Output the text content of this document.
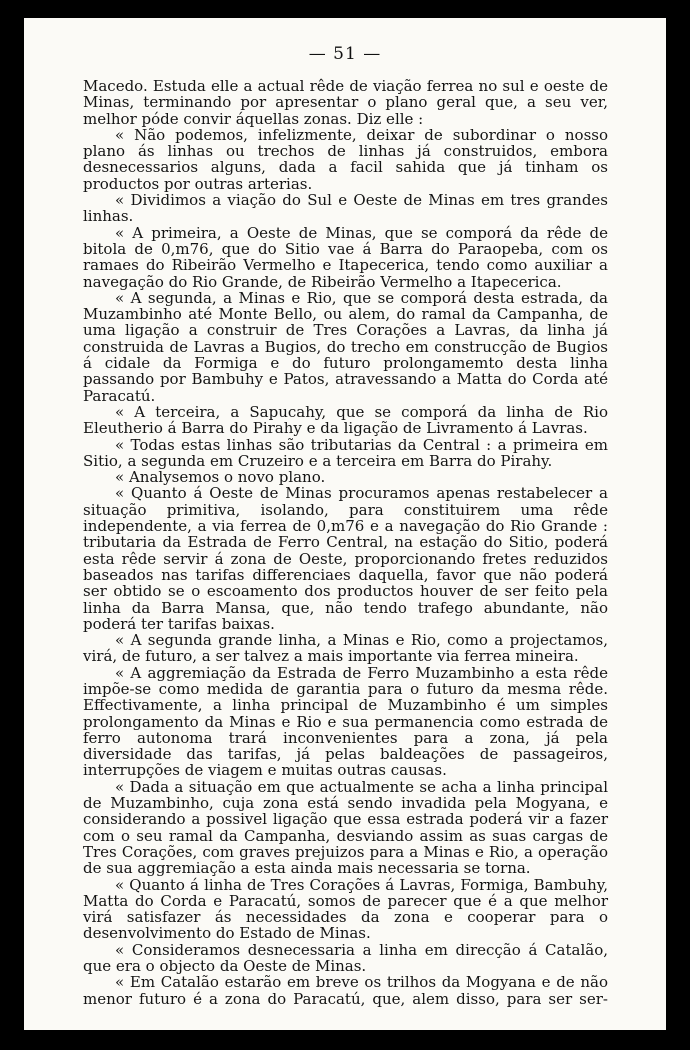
— 51 —

Macedo. Estuda elle a actual rêde de viação ferrea no sul e oeste de Minas, terminando por apresentar o plano geral que, a seu ver, melhor póde convir áquellas zonas. Diz elle :

« Não podemos, infelizmente, deixar de subordinar o nosso plano ás linhas ou trechos de linhas já construidos, embora desnecessarios alguns, dada a facil sahida que já tinham os productos por outras arterias.

« Dividimos a viação do Sul e Oeste de Minas em tres grandes linhas.

« A primeira, a Oeste de Minas, que se comporá da rêde de bitola de 0,m76, que do Sitio vae á Barra do Paraopeba, com os ramaes do Ribeirão Vermelho e Itapecerica, tendo como auxiliar a navegação do Rio Grande, de Ribeirão Vermelho a Itapecerica.

« A segunda, a Minas e Rio, que se comporá desta estrada, da Muzambinho até Monte Bello, ou alem, do ramal da Campanha, de uma ligação a construir de Tres Corações a Lavras, da linha já construida de Lavras a Bugios, do trecho em construcção de Bugios á cidale da Formiga e do futuro prolongamemto desta linha passando por Bambuhy e Patos, atravessando a Matta do Corda até Paracatú.

« A terceira, a Sapucahy, que se comporá da linha de Rio Eleutherio á Barra do Pirahy e da ligação de Livramento á Lavras.

« Todas estas linhas são tributarias da Central : a primeira em Sitio, a segunda em Cruzeiro e a terceira em Barra do Pirahy.

« Analysemos o novo plano.

« Quanto á Oeste de Minas procuramos apenas restabelecer a situação primitiva, isolando, para constituirem uma rêde independente, a via ferrea de 0,m76 e a navegação do Rio Grande : tributaria da Estrada de Ferro Central, na estação do Sitio, poderá esta rêde servir á zona de Oeste, proporcionando fretes reduzidos baseados nas tarifas differenciaes daquella, favor que não poderá ser obtido se o escoamento dos productos houver de ser feito pela linha da Barra Mansa, que, não tendo trafego abundante, não poderá ter tarifas baixas.

« A segunda grande linha, a Minas e Rio, como a projectamos, virá, de futuro, a ser talvez a mais importante via ferrea mineira.

« A aggremiação da Estrada de Ferro Muzambinho a esta rêde impõe-se como medida de garantia para o futuro da mesma rêde. Effectivamente, a linha principal de Muzambinho é um simples prolongamento da Minas e Rio e sua permanencia como estrada de ferro autonoma trará inconvenientes para a zona, já pela diversidade das tarifas, já pelas baldeações de passageiros, interrupções de viagem e muitas outras causas.

« Dada a situação em que actualmente se acha a linha principal de Muzambinho, cuja zona está sendo invadida pela Mogyana, e considerando a possivel ligação que essa estrada poderá vir a fazer com o seu ramal da Campanha, desviando assim as suas cargas de Tres Corações, com graves prejuizos para a Minas e Rio, a operação de sua aggremiação a esta ainda mais necessaria se torna.

« Quanto á linha de Tres Corações á Lavras, Formiga, Bambuhy, Matta do Corda e Paracatú, somos de parecer que é a que melhor virá satisfazer ás necessidades da zona e cooperar para o desenvolvimento do Estado de Minas.

« Consideramos desnecessaria a linha em direcção á Catalão, que era o objecto da Oeste de Minas.

« Em Catalão estarão em breve os trilhos da Mogyana e de não menor futuro é a zona do Paracatú, que, alem disso, para ser ser-
